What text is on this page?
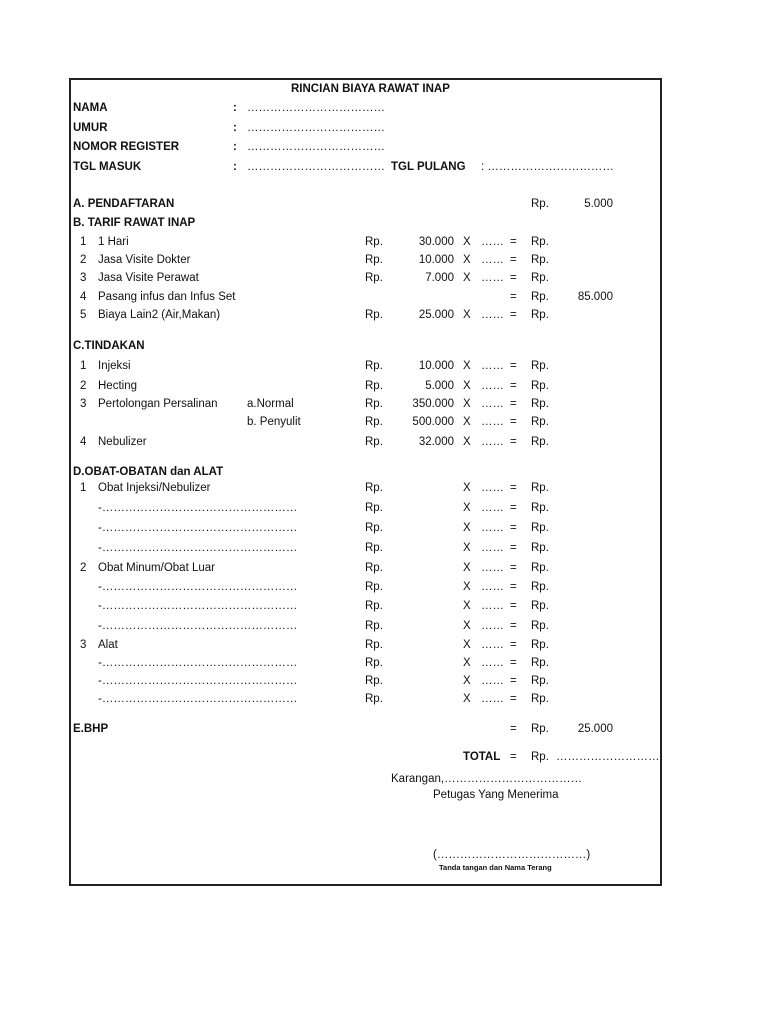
RINCIAN BIAYA RAWAT INAP
NAMA	: ………………………………
UMUR	: ………………………………
NOMOR REGISTER	: ………………………………
TGL MASUK	: ……………………………… TGL PULANG : ……………………………
A. PENDAFTARAN	Rp.	5.000
B. TARIF RAWAT INAP
1 1 Hari	Rp.	30.000 X …… = Rp.
2 Jasa Visite Dokter	Rp.	10.000 X …… = Rp.
3 Jasa Visite Perawat	Rp.	7.000 X …… = Rp.
4 Pasang infus dan Infus Set	= Rp.	85.000
5 Biaya Lain2 (Air,Makan)	Rp.	25.000 X …… = Rp.
C.TINDAKAN
1 Injeksi	Rp.	10.000 X …… = Rp.
2 Hecting	Rp.	5.000 X …… = Rp.
3 Pertolongan Persalinan	a.Normal	Rp.	350.000 X …… = Rp.
b. Penyulit	Rp.	500.000 X …… = Rp.
4 Nebulizer	Rp.	32.000 X …… = Rp.
D.OBAT-OBATAN dan ALAT
1 Obat Injeksi/Nebulizer	Rp.	X …… = Rp.
-……………………………………………	Rp.	X …… = Rp.
-……………………………………………	Rp.	X …… = Rp.
-……………………………………………	Rp.	X …… = Rp.
2 Obat Minum/Obat Luar	Rp.	X …… = Rp.
-……………………………………………	Rp.	X …… = Rp.
-……………………………………………	Rp.	X …… = Rp.
-……………………………………………	Rp.	X …… = Rp.
3 Alat	Rp.	X …… = Rp.
-……………………………………………	Rp.	X …… = Rp.
-……………………………………………	Rp.	X …… = Rp.
-……………………………………………	Rp.	X …… = Rp.
E.BHP	= Rp.	25.000
TOTAL = Rp. ………………………
Karangan,………………………………
Petugas Yang Menerima
(…………………………………)
Tanda tangan dan Nama Terang
